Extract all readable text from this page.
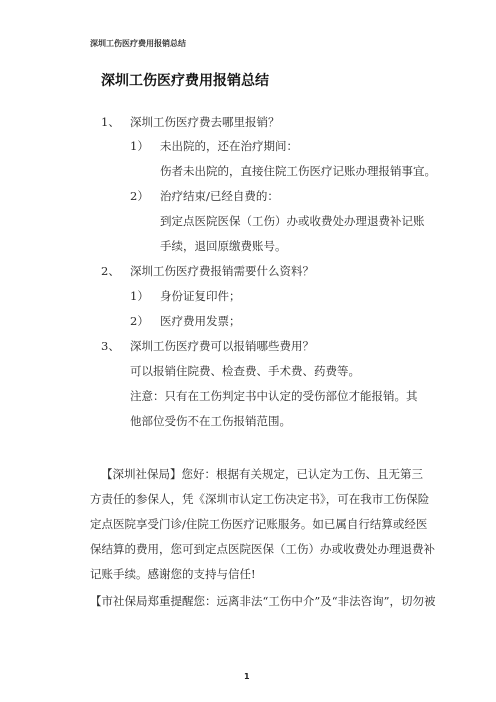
深圳工伤医疗费用报销总结
深圳工伤医疗费用报销总结
1、 深圳工伤医疗费去哪里报销？
1） 未出院的，还在治疗期间：
伤者未出院的，直接住院工伤医疗记账办理报销事宜。
2） 治疗结束/已经自费的：
到定点医院医保（工伤）办或收费处办理退费补记账
手续，退回原缴费账号。
2、 深圳工伤医疗费报销需要什么资料？
1） 身份证复印件；
2） 医疗费用发票；
3、 深圳工伤医疗费可以报销哪些费用？
可以报销住院费、检查费、手术费、药费等。
注意：只有在工伤判定书中认定的受伤部位才能报销。其
他部位受伤不在工伤报销范围。
【深圳社保局】您好：根据有关规定，已认定为工伤、且无第三
方责任的参保人，凭《深圳市认定工伤决定书》，可在我市工伤保险
定点医院享受门诊/住院工伤医疗记账服务。如已属自行结算或经医
保结算的费用，您可到定点医院医保（工伤）办或收费处办理退费补
记账手续。感谢您的支持与信任!
【市社保局郑重提醒您：远离非法“工伤中介”及“非法咨询”，切勿被
1
